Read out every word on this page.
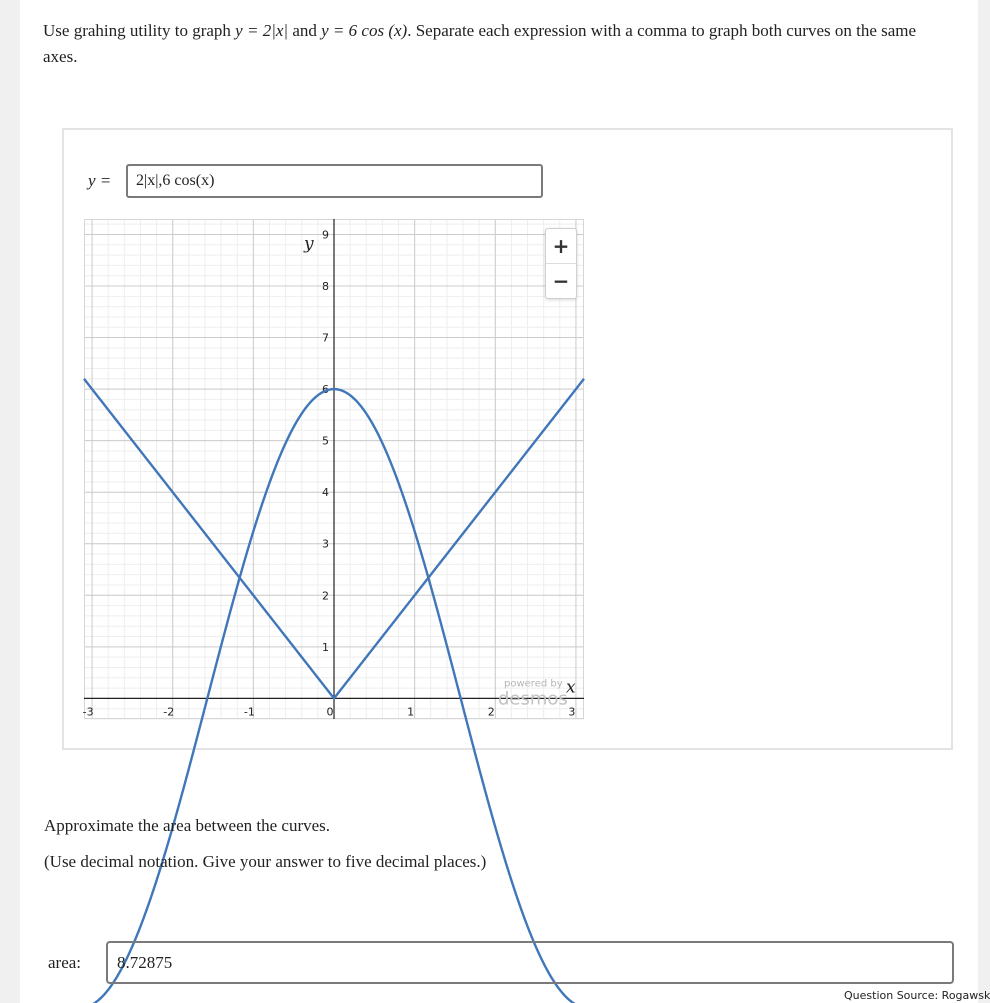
Use grahing utility to graph y = 2|x| and y = 6 cos (x). Separate each expression with a comma to graph both curves on the same axes.
y =	2|x|,6 cos(x)
-3	-2	-1	0	1	2	3
1
2
3
4
5
6
7
8
9
x
y
powered by
desmos
+
−
Approximate the area between the curves.
(Use decimal notation. Give your answer to five decimal places.)
area:	8.72875
Question Source: Rogawsk
